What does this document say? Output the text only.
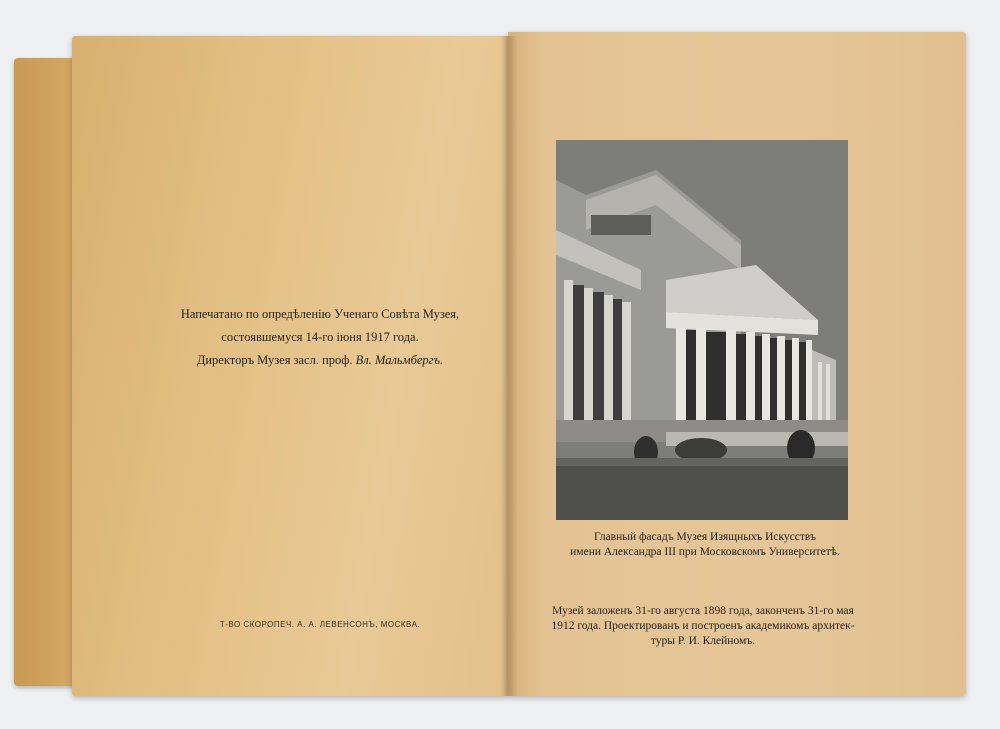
Напечатано по опредѣленію Ученаго Совѣта Музея,
состоявшемуся 14-го іюня 1917 года.
Директоръ Музея засл. проф. Вл. Мальмбергъ.
Т-ВО СКОРОПЕЧ. А. А. ЛЕВЕНСОНЪ, МОСКВА.
Главный фасадъ Музея Изящныхъ Искусствъ
имени Александра III при Московскомъ Университетѣ.
Музей заложенъ 31-го августа 1898 года, законченъ 31-го мая
1912 года. Проектированъ и построенъ академикомъ архитек-
туры Р. И. Клейномъ.
